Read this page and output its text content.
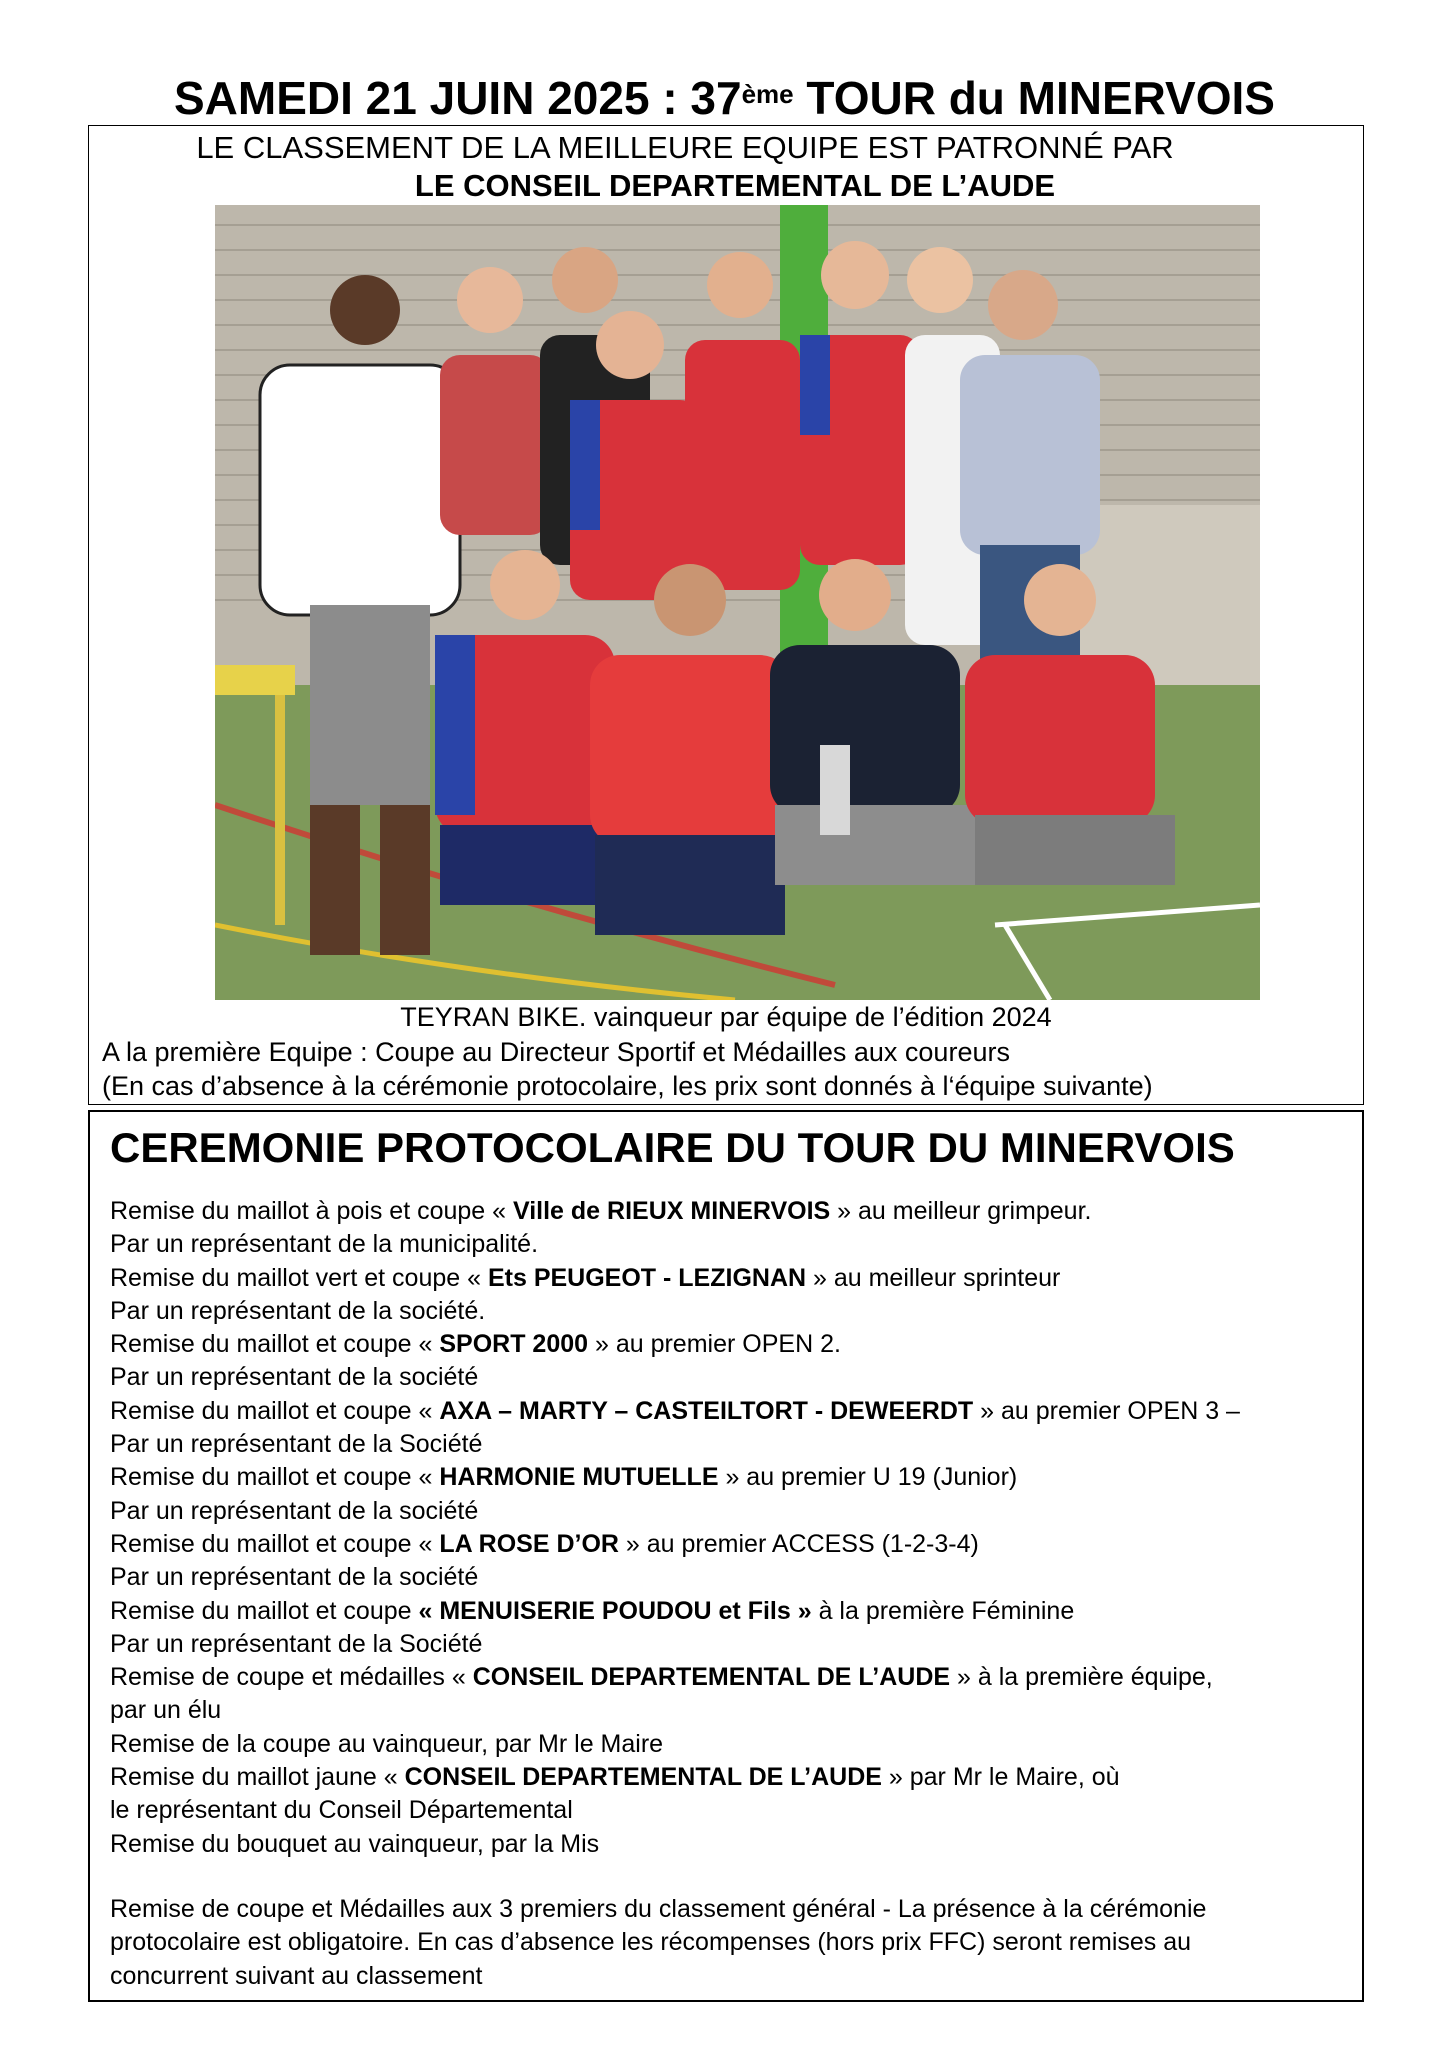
SAMEDI 21 JUIN 2025 : 37ème TOUR du MINERVOIS
LE CLASSEMENT DE LA MEILLEURE EQUIPE EST PATRONNÉ PAR
LE CONSEIL DEPARTEMENTAL DE L’AUDE
TEYRAN BIKE. vainqueur par équipe de l’édition 2024
A la première Equipe : Coupe au Directeur Sportif et Médailles aux coureurs
(En cas d’absence à la cérémonie protocolaire, les prix sont donnés à l‘équipe suivante)
CEREMONIE PROTOCOLAIRE DU TOUR DU MINERVOIS
Remise du maillot à pois et coupe « Ville de RIEUX MINERVOIS » au meilleur grimpeur.
Par un représentant de la municipalité.
Remise du maillot vert et coupe « Ets PEUGEOT - LEZIGNAN » au meilleur sprinteur
Par un représentant de la société.
Remise du maillot et coupe « SPORT 2000 » au premier OPEN 2.
Par un représentant de la société
Remise du maillot et coupe « AXA – MARTY – CASTEILTORT - DEWEERDT » au premier OPEN 3 –
Par un représentant de la Société
Remise du maillot et coupe « HARMONIE MUTUELLE » au premier U 19 (Junior)
Par un représentant de la société
Remise du maillot et coupe « LA ROSE D’OR » au premier ACCESS (1-2-3-4)
Par un représentant de la société
Remise du maillot et coupe « MENUISERIE POUDOU et Fils » à la première Féminine
Par un représentant de la Société
Remise de coupe et médailles « CONSEIL DEPARTEMENTAL DE L’AUDE » à la première équipe,
par un élu
Remise de la coupe au vainqueur, par Mr le Maire
Remise du maillot jaune « CONSEIL DEPARTEMENTAL DE L’AUDE » par Mr le Maire, où
le représentant du Conseil Départemental
Remise du bouquet au vainqueur, par la Mis
Remise de coupe et Médailles aux 3 premiers du classement général - La présence à la cérémonie
protocolaire est obligatoire. En cas d’absence les récompenses (hors prix FFC) seront remises au
concurrent suivant au classement
